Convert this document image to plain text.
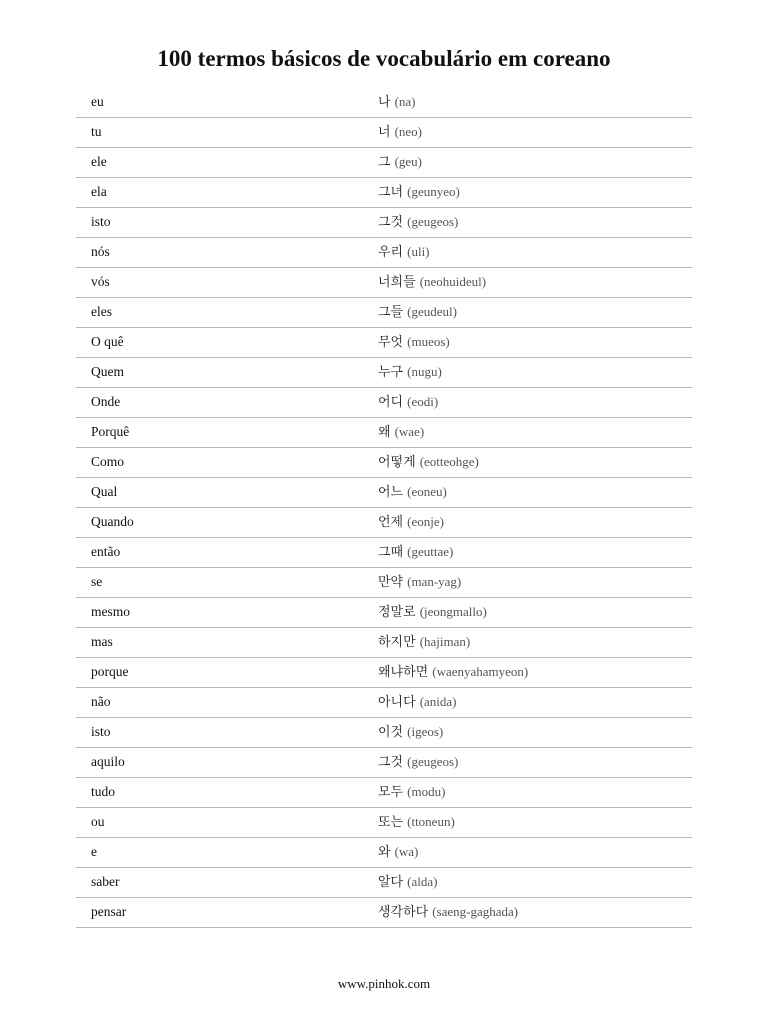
100 termos básicos de vocabulário em coreano
eu	나 (na)
tu	너 (neo)
ele	그 (geu)
ela	그녀 (geunyeo)
isto	그것 (geugeos)
nós	우리 (uli)
vós	너희들 (neohuideul)
eles	그들 (geudeul)
O quê	무엇 (mueos)
Quem	누구 (nugu)
Onde	어디 (eodi)
Porquê	왜 (wae)
Como	어떻게 (eotteohge)
Qual	어느 (eoneu)
Quando	언제 (eonje)
então	그때 (geuttae)
se	만약 (man-yag)
mesmo	정말로 (jeongmallo)
mas	하지만 (hajiman)
porque	왜냐하면 (waenyahamyeon)
não	아니다 (anida)
isto	이것 (igeos)
aquilo	그것 (geugeos)
tudo	모두 (modu)
ou	또는 (ttoneun)
e	와 (wa)
saber	알다 (alda)
pensar	생각하다 (saeng-gaghada)
www.pinhok.com
